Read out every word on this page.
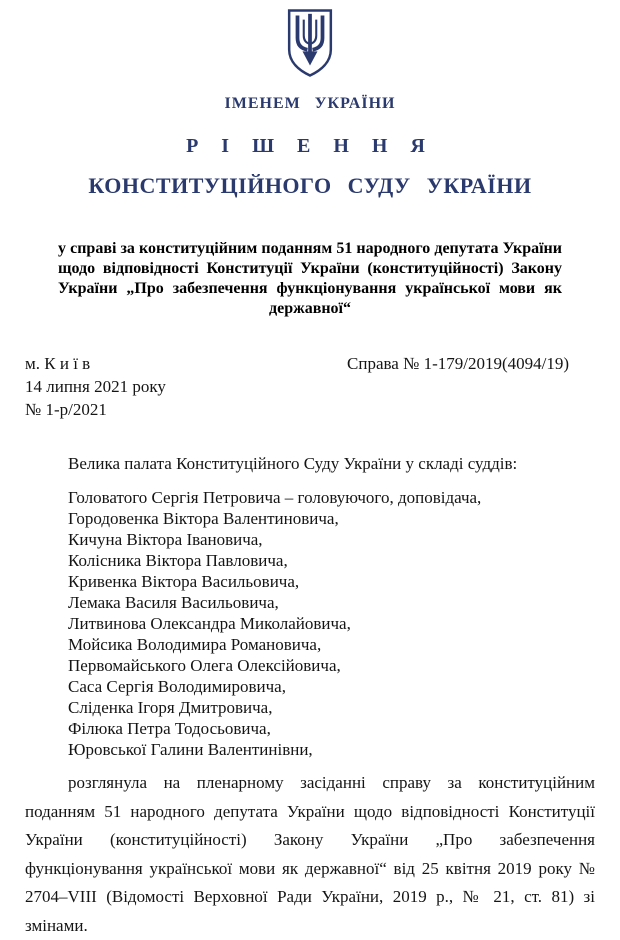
ІМЕНЕМ УКРАЇНИ
Р І Ш Е Н Н Я
КОНСТИТУЦІЙНОГО СУДУ УКРАЇНИ

у справі за конституційним поданням 51 народного депутата України щодо відповідності Конституції України (конституційності) Закону України „Про забезпечення функціонування української мови як державної“

м. К и ї в
14 липня 2021 року
№ 1-р/2021
Справа № 1-179/2019(4094/19)

Велика палата Конституційного Суду України у складі суддів:

Головатого Сергія Петровича – головуючого, доповідача,
Городовенка Віктора Валентиновича,
Кичуна Віктора Івановича,
Колісника Віктора Павловича,
Кривенка Віктора Васильовича,
Лемака Василя Васильовича,
Литвинова Олександра Миколайовича,
Мойсика Володимира Романовича,
Первомайського Олега Олексійовича,
Саса Сергія Володимировича,
Сліденка Ігоря Дмитровича,
Філюка Петра Тодосьовича,
Юровської Галини Валентинівни,

розглянула на пленарному засіданні справу за конституційним поданням 51 народного депутата України щодо відповідності Конституції України (конституційності) Закону України „Про забезпечення функціонування української мови як державної“ від 25 квітня 2019 року № 2704–VIII (Відомості Верховної Ради України, 2019 р., № 21, ст. 81) зі змінами.
